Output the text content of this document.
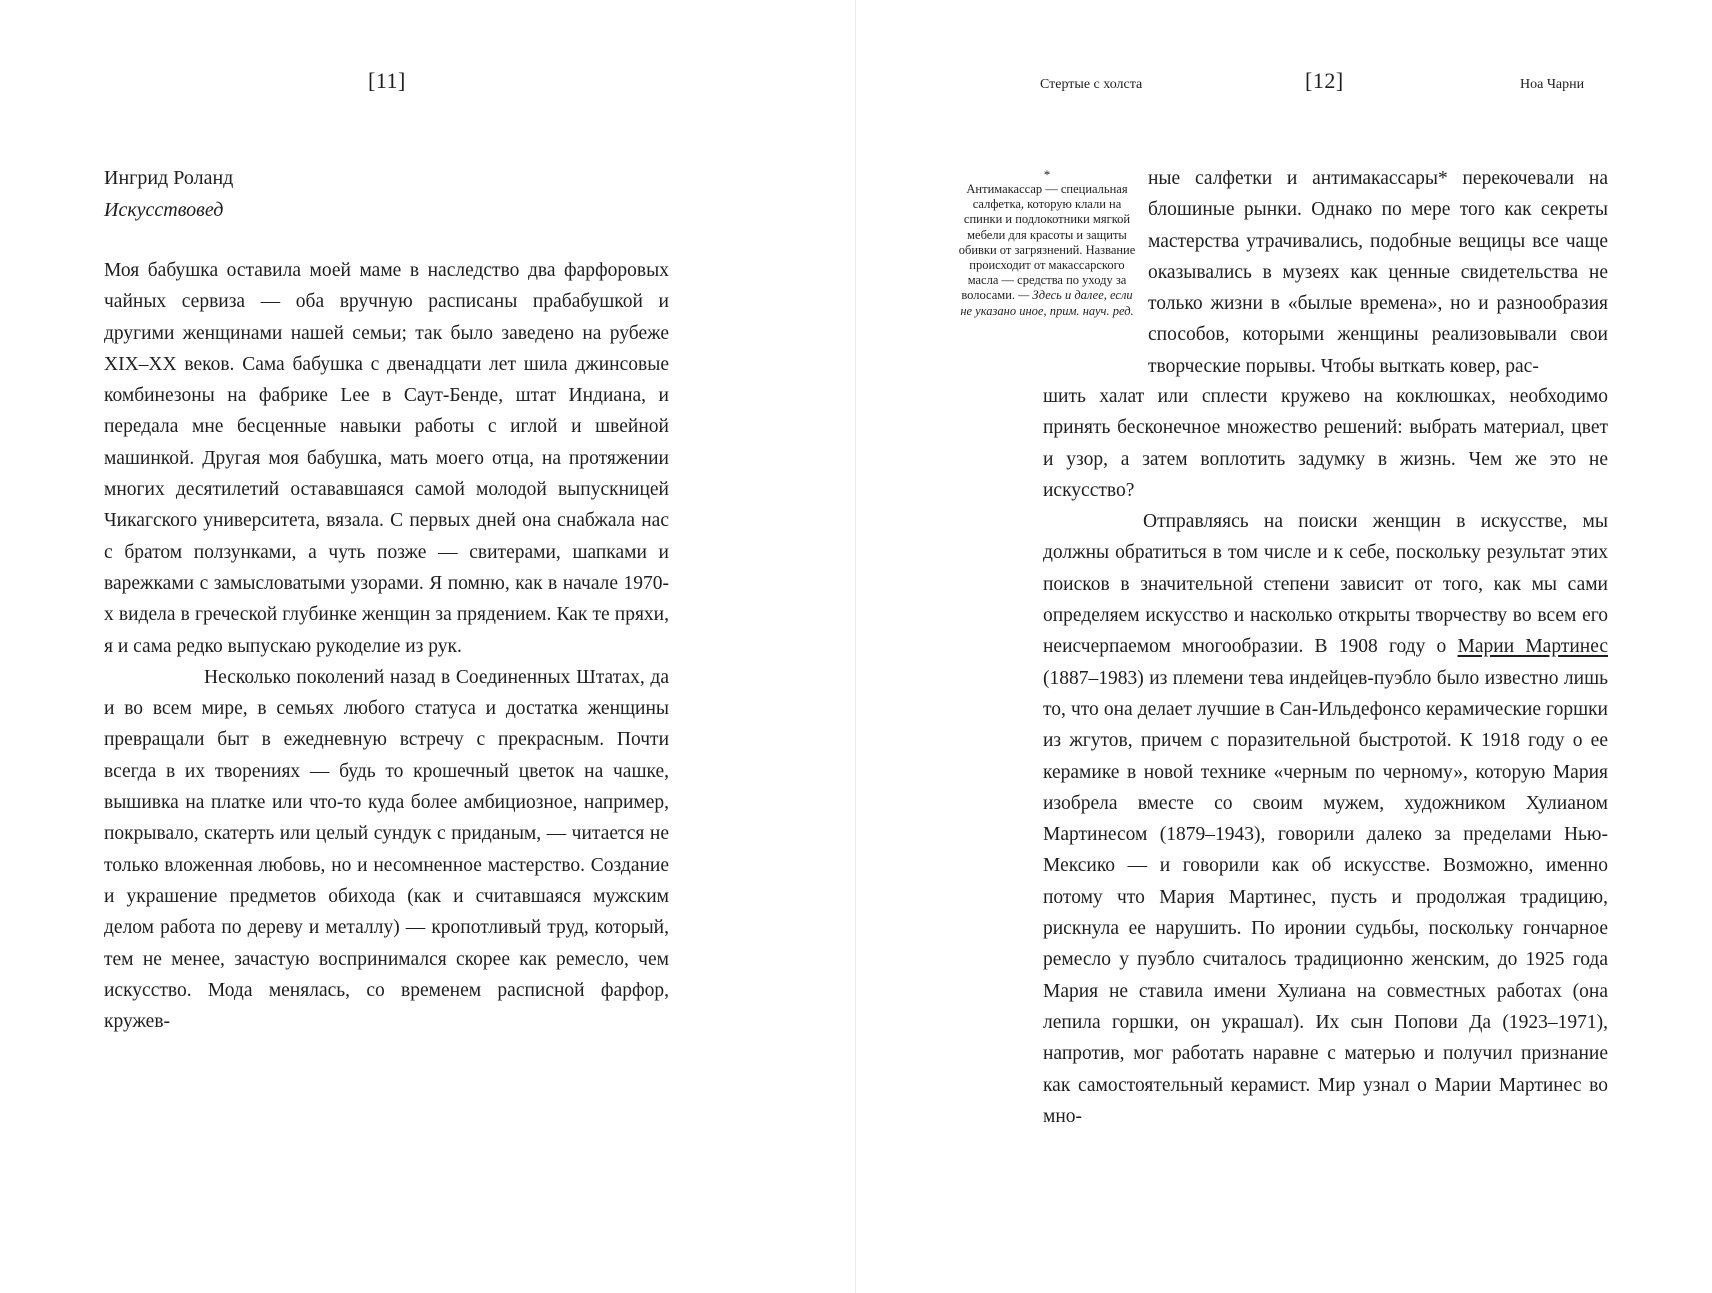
[11]
Ингрид Роланд
Искусствовед

Моя бабушка оставила моей маме в наследство два фарфоровых чайных сервиза — оба вручную расписаны прабабушкой и другими женщинами нашей семьи; так было заведено на рубеже XIX–XX веков. Сама бабушка с двенадцати лет шила джинсовые комбинезоны на фабрике Lee в Саут-Бенде, штат Индиана, и передала мне бесценные навыки работы с иглой и швейной машинкой. Другая моя бабушка, мать моего отца, на протяжении многих десятилетий остававшаяся самой молодой выпускницей Чикагского университета, вязала. С первых дней она снабжала нас с братом ползунками, а чуть позже — свитерами, шапками и варежками с замысловатыми узорами. Я помню, как в начале 1970-х видела в греческой глубинке женщин за прядением. Как те пряхи, я и сама редко выпускаю рукоделие из рук.

Несколько поколений назад в Соединенных Штатах, да и во всем мире, в семьях любого статуса и достатка женщины превращали быт в ежедневную встречу с прекрасным. Почти всегда в их творениях — будь то крошечный цветок на чашке, вышивка на платке или что-то куда более амбициозное, например, покрывало, скатерть или целый сундук с приданым, — читается не только вложенная любовь, но и несомненное мастерство. Создание и украшение предметов обихода (как и считавшаяся мужским делом работа по дереву и металлу) — кропотливый труд, который, тем не менее, зачастую воспринимался скорее как ремесло, чем искусство. Мода менялась, со временем расписной фарфор, кружев-

Стертые с холста	[12]	Ноа Чарни
*
Антимакассар — специальная салфетка, которую клали на спинки и подлокотники мягкой мебели для красоты и защиты обивки от загрязнений. Название происходит от макассарского масла — средства по уходу за волосами. — Здесь и далее, если не указано иное, прим. науч. ред.

ные салфетки и антимакассары* перекочевали на блошиные рынки. Однако по мере того как секреты мастерства утрачивались, подобные вещицы все чаще оказывались в музеях как ценные свидетельства не только жизни в «былые времена», но и разнообразия способов, которыми женщины реализовывали свои творческие порывы. Чтобы выткать ковер, рас-

шить халат или сплести кружево на коклюшках, необходимо принять бесконечное множество решений: выбрать материал, цвет и узор, а затем воплотить задумку в жизнь. Чем же это не искусство?

Отправляясь на поиски женщин в искусстве, мы должны обратиться в том числе и к себе, поскольку результат этих поисков в значительной степени зависит от того, как мы сами определяем искусство и насколько открыты творчеству во всем его неисчерпаемом многообразии. В 1908 году о Марии Мартинес (1887–1983) из племени тева индейцев-пуэбло было известно лишь то, что она делает лучшие в Сан-Ильдефонсо керамические горшки из жгутов, причем с поразительной быстротой. К 1918 году о ее керамике в новой технике «черным по черному», которую Мария изобрела вместе со своим мужем, художником Хулианом Мартинесом (1879–1943), говорили далеко за пределами Нью-Мексико — и говорили как об искусстве. Возможно, именно потому что Мария Мартинес, пусть и продолжая традицию, рискнула ее нарушить. По иронии судьбы, поскольку гончарное ремесло у пуэбло считалось традиционно женским, до 1925 года Мария не ставила имени Хулиана на совместных работах (она лепила горшки, он украшал). Их сын Попови Да (1923–1971), напротив, мог работать наравне с матерью и получил признание как самостоятельный керамист. Мир узнал о Марии Мартинес во мно-
